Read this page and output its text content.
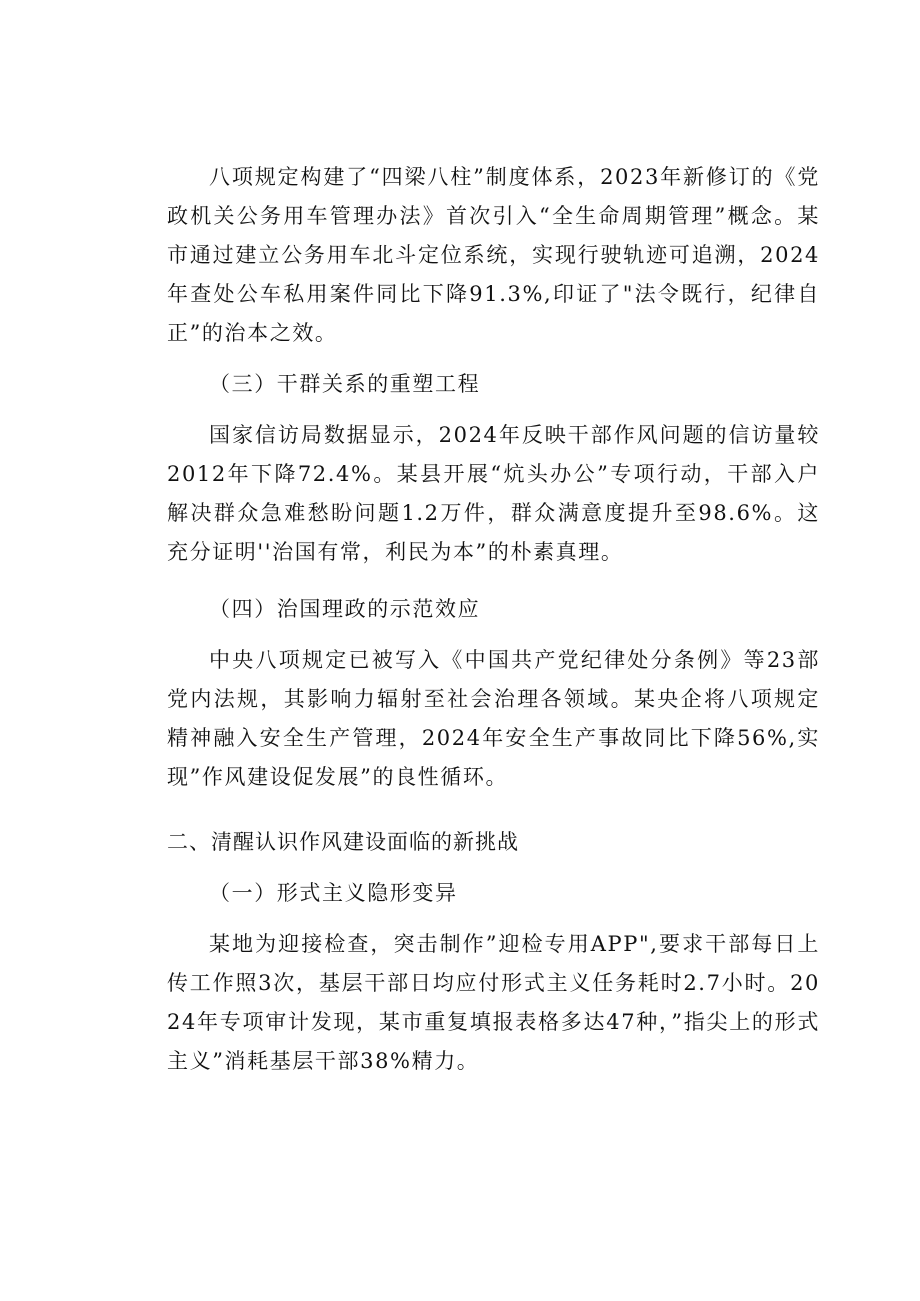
八项规定构建了“四梁八柱”制度体系，2023年新修订的《党政机关公务用车管理办法》首次引入“全生命周期管理”概念。某市通过建立公务用车北斗定位系统，实现行驶轨迹可追溯，2024年查处公车私用案件同比下降91.3%,印证了"法令既行，纪律自正”的治本之效。

（三）干群关系的重塑工程

国家信访局数据显示，2024年反映干部作风问题的信访量较2012年下降72.4%。某县开展“炕头办公”专项行动，干部入户解决群众急难愁盼问题1.2万件，群众满意度提升至98.6%。这充分证明''治国有常，利民为本”的朴素真理。

（四）治国理政的示范效应

中央八项规定已被写入《中国共产党纪律处分条例》等23部党内法规，其影响力辐射至社会治理各领域。某央企将八项规定精神融入安全生产管理，2024年安全生产事故同比下降56%,实现”作风建设促发展”的良性循环。

二、清醒认识作风建设面临的新挑战

（一）形式主义隐形变异

某地为迎接检查，突击制作”迎检专用APP",要求干部每日上传工作照3次，基层干部日均应付形式主义任务耗时2.7小时。2024年专项审计发现，某市重复填报表格多达47种，”指尖上的形式主义”消耗基层干部38%精力。
